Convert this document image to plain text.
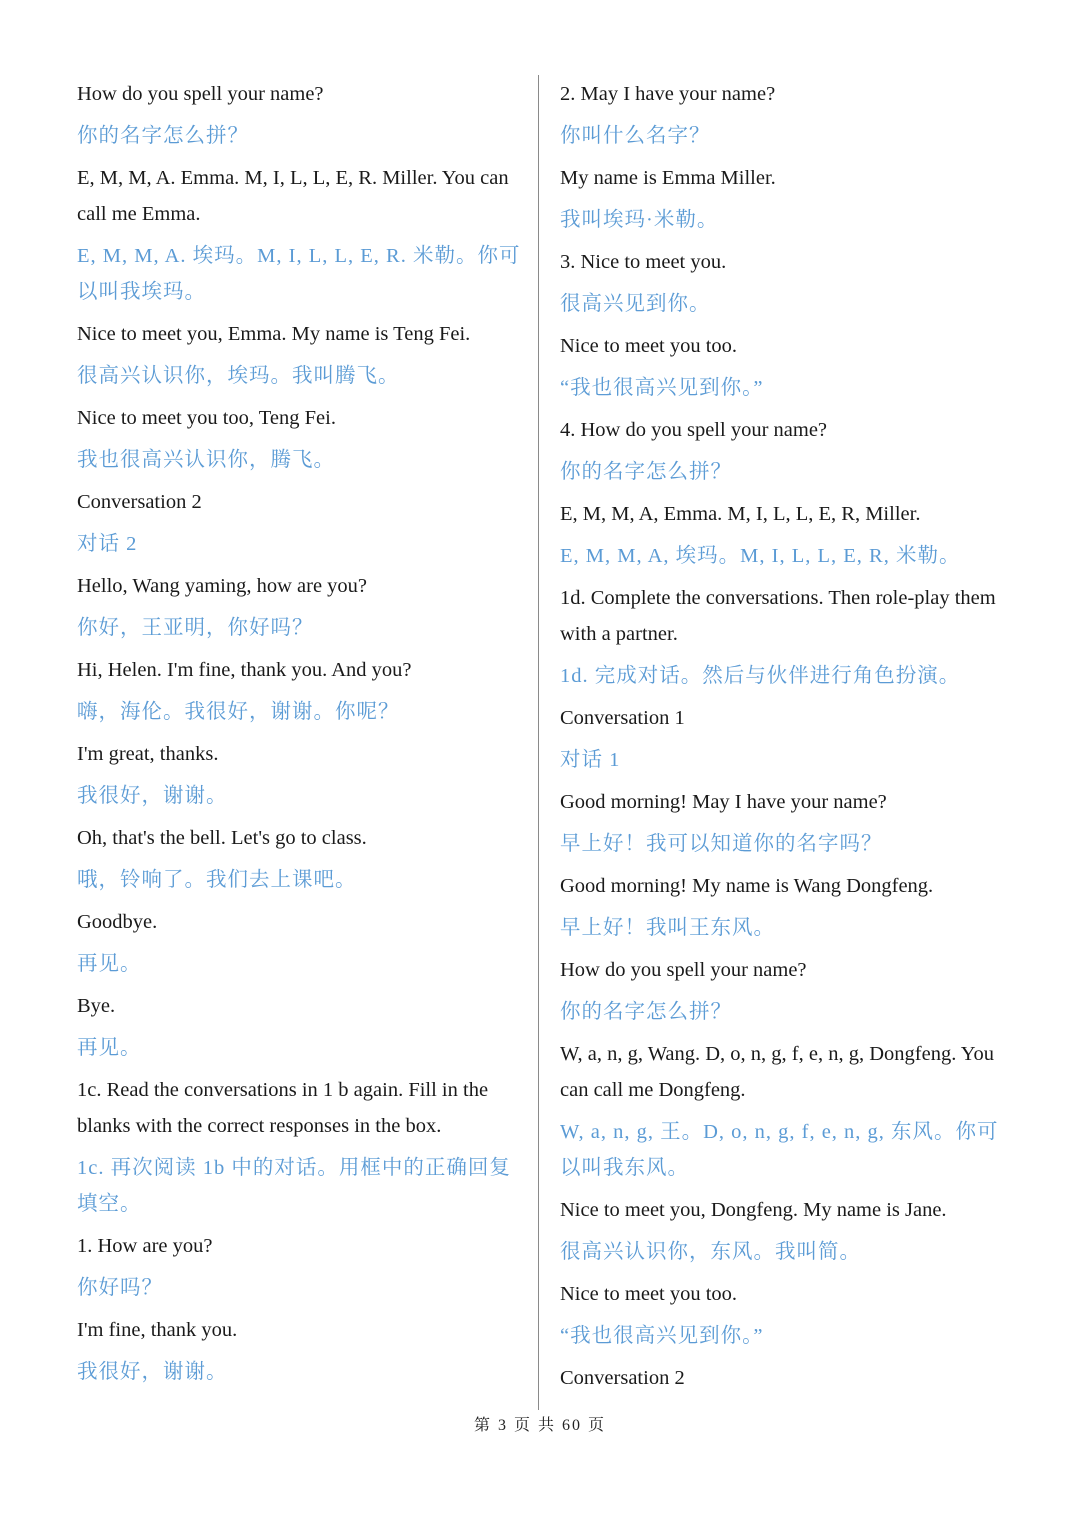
How do you spell your name?

你的名字怎么拼？

E, M, M, A. Emma. M, I, L, L, E, R. Miller. You can call me Emma.

E, M, M, A. 埃玛。M, I, L, L, E, R. 米勒。你可以叫我埃玛。

Nice to meet you, Emma. My name is Teng Fei.

很高兴认识你，埃玛。我叫腾飞。

Nice to meet you too, Teng Fei.

我也很高兴认识你，腾飞。

Conversation 2

对话 2

Hello, Wang yaming, how are you?

你好，王亚明，你好吗？

Hi, Helen. I'm fine, thank you. And you?

嗨，海伦。我很好，谢谢。你呢？

I'm great, thanks.

我很好，谢谢。

Oh, that's the bell. Let's go to class.

哦，铃响了。我们去上课吧。

Goodbye.

再见。

Bye.

再见。

1c. Read the conversations in 1 b again. Fill in the blanks with the correct responses in the box.

1c. 再次阅读 1b 中的对话。用框中的正确回复填空。

1. How are you?

你好吗？

I'm fine, thank you.

我很好，谢谢。

2. May I have your name?

你叫什么名字？

My name is Emma Miller.

我叫埃玛·米勒。

3. Nice to meet you.

很高兴见到你。

Nice to meet you too.

“我也很高兴见到你。”

4. How do you spell your name?

你的名字怎么拼？

E, M, M, A, Emma. M, I, L, L, E, R, Miller.

E, M, M, A, 埃玛。M, I, L, L, E, R, 米勒。

1d. Complete the conversations. Then role-play them with a partner.

1d. 完成对话。然后与伙伴进行角色扮演。

Conversation 1

对话 1

Good morning! May I have your name?

早上好！我可以知道你的名字吗？

Good morning! My name is Wang Dongfeng.

早上好！我叫王东风。

How do you spell your name?

你的名字怎么拼？

W, a, n, g, Wang. D, o, n, g, f, e, n, g, Dongfeng. You can call me Dongfeng.

W, a, n, g, 王。D, o, n, g, f, e, n, g, 东风。你可以叫我东风。

Nice to meet you, Dongfeng. My name is Jane.

很高兴认识你，东风。我叫简。

Nice to meet you too.

“我也很高兴见到你。”

Conversation 2

第 3 页 共 60 页
